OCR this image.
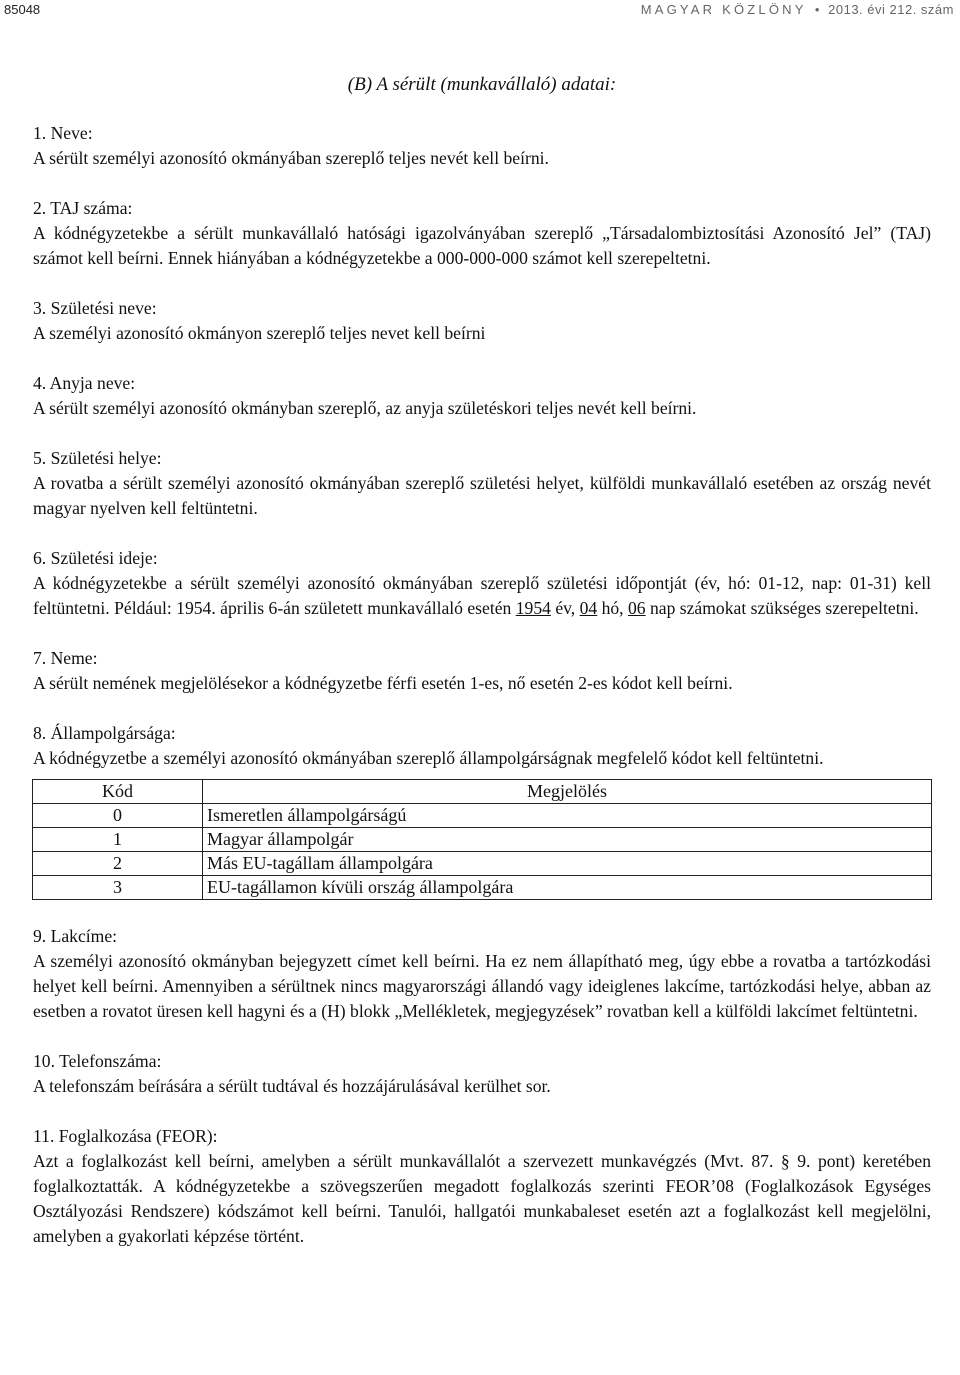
85048	MAGYAR KÖZLÖNY • 2013. évi 212. szám
(B) A sérült (munkavállaló) adatai:

1. Neve:

A sérült személyi azonosító okmányában szereplő teljes nevét kell beírni.

2. TAJ száma:

A kódnégyzetekbe a sérült munkavállaló hatósági igazolványában szereplő „Társadalombiztosítási Azonosító Jel” (TAJ) számot kell beírni. Ennek hiányában a kódnégyzetekbe a 000-000-000 számot kell szerepeltetni.

3. Születési neve:

A személyi azonosító okmányon szereplő teljes nevet kell beírni

4. Anyja neve:

A sérült személyi azonosító okmányban szereplő, az anyja születéskori teljes nevét kell beírni.

5. Születési helye:

A rovatba a sérült személyi azonosító okmányában szereplő születési helyet, külföldi munkavállaló esetében az ország nevét magyar nyelven kell feltüntetni.

6. Születési ideje:

A kódnégyzetekbe a sérült személyi azonosító okmányában szereplő születési időpontját (év, hó: 01-12, nap: 01-31) kell feltüntetni. Például: 1954. április 6-án született munkavállaló esetén 1954 év, 04 hó, 06 nap számokat szükséges szerepeltetni.

7. Neme:

A sérült nemének megjelölésekor a kódnégyzetbe férfi esetén 1-es, nő esetén 2-es kódot kell beírni.

8. Állampolgársága:

A kódnégyzetbe a személyi azonosító okmányában szereplő állampolgárságnak megfelelő kódot kell feltüntetni.

Kód	Megjelölés
0	Ismeretlen állampolgárságú
1	Magyar állampolgár
2	Más EU-tagállam állampolgára
3	EU-tagállamon kívüli ország állampolgára

9. Lakcíme:

A személyi azonosító okmányban bejegyzett címet kell beírni. Ha ez nem állapítható meg, úgy ebbe a rovatba a tartózkodási helyet kell beírni. Amennyiben a sérültnek nincs magyarországi állandó vagy ideiglenes lakcíme, tartózkodási helye, abban az esetben a rovatot üresen kell hagyni és a (H) blokk „Mellékletek, megjegyzések” rovatban kell a külföldi lakcímet feltüntetni.

10. Telefonszáma:

A telefonszám beírására a sérült tudtával és hozzájárulásával kerülhet sor.

11. Foglalkozása (FEOR):

Azt a foglalkozást kell beírni, amelyben a sérült munkavállalót a szervezett munkavégzés (Mvt. 87. § 9. pont) keretében foglalkoztatták. A kódnégyzetekbe a szövegszerűen megadott foglalkozás szerinti FEOR’08 (Foglalkozások Egységes Osztályozási Rendszere) kódszámot kell beírni. Tanulói, hallgatói munkabaleset esetén azt a foglalkozást kell megjelölni, amelyben a gyakorlati képzése történt.
